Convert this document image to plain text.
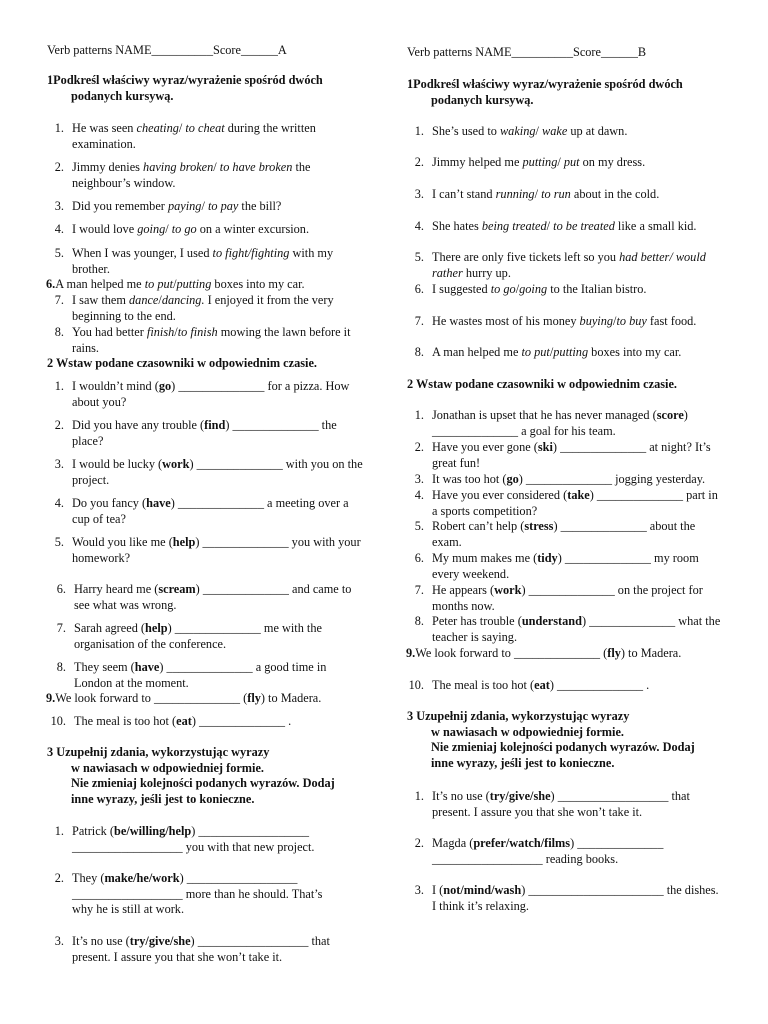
Verb patterns NAME__________Score______A
1Podkreśl właściwy wyraz/wyrażenie spośród dwóch
podanych kursywą.
1. He was seen cheating/ to cheat during the written examination.
2. Jimmy denies having broken/ to have broken the neighbour’s window.
3. Did you remember paying/ to pay the bill?
4. I would love going/ to go on a winter excursion.
5. When I was younger, I used to fight/fighting with my brother.
6. A man helped me to put/putting boxes into my car.
7. I saw them dance/dancing. I enjoyed it from the very beginning to the end.
8. You had better finish/to finish mowing the lawn before it rains.
2 Wstaw podane czasowniki w odpowiednim czasie.
1. I wouldn’t mind (go) ______________ for a pizza. How about you?
2. Did you have any trouble (find) ______________ the place?
3. I would be lucky (work) ______________ with you on the project.
4. Do you fancy (have) ______________ a meeting over a cup of tea?
5. Would you like me (help) ______________ you with your homework?
6. Harry heard me (scream) ______________ and came to see what was wrong.
7. Sarah agreed (help) ______________ me with the organisation of the conference.
8. They seem (have) ______________ a good time in London at the moment.
9. We look forward to ______________ (fly) to Madera.
10. The meal is too hot (eat) ______________ .
3 Uzupełnij zdania, wykorzystując wyrazy
w nawiasach w odpowiedniej formie.
Nie zmieniaj kolejności podanych wyrazów. Dodaj
inne wyrazy, jeśli jest to konieczne.
1. Patrick (be/willing/help) __________________ __________________ you with that new project.
2. They (make/he/work) __________________ __________________ more than he should. That’s why he is still at work.
3. It’s no use (try/give/she) __________________ that present. I assure you that she won’t take it.
Verb patterns NAME__________Score______B
1Podkreśl właściwy wyraz/wyrażenie spośród dwóch
podanych kursywą.
1. She’s used to waking/ wake up at dawn.
2. Jimmy helped me putting/ put on my dress.
3. I can’t stand running/ to run about in the cold.
4. She hates being treated/ to be treated like a small kid.
5. There are only five tickets left so you had better/ would rather hurry up.
6. I suggested to go/going to the Italian bistro.
7. He wastes most of his money buying/to buy fast food.
8. A man helped me to put/putting boxes into my car.
2 Wstaw podane czasowniki w odpowiednim czasie.
1. Jonathan is upset that he has never managed (score) ______________ a goal for his team.
2. Have you ever gone (ski) ______________ at night? It’s great fun!
3. It was too hot (go) ______________ jogging yesterday.
4. Have you ever considered (take) ______________ part in a sports competition?
5. Robert can’t help (stress) ______________ about the exam.
6. My mum makes me (tidy) ______________ my room every weekend.
7. He appears (work) ______________ on the project for months now.
8. Peter has trouble (understand) ______________ what the teacher is saying.
9. We look forward to ______________ (fly) to Madera.
10. The meal is too hot (eat) ______________ .
3 Uzupełnij zdania, wykorzystując wyrazy
w nawiasach w odpowiedniej formie.
Nie zmieniaj kolejności podanych wyrazów. Dodaj
inne wyrazy, jeśli jest to konieczne.
1. It’s no use (try/give/she) __________________ that present. I assure you that she won’t take it.
2. Magda (prefer/watch/films) ______________ __________________ reading books.
3. I (not/mind/wash) ______________________ the dishes. I think it’s relaxing.
